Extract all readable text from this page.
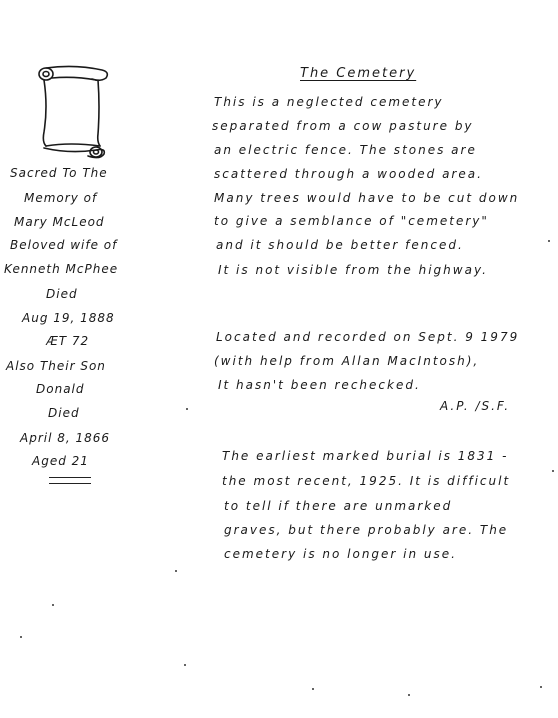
Sacred To The
Memory of
Mary McLeod
Beloved wife of
Kenneth McPhee
Died
Aug 19, 1888
ÆT 72
Also Their Son
Donald
Died
April 8, 1866
Aged 21
The Cemetery
This is a neglected cemetery
separated from a cow pasture by
an electric fence. The stones are
scattered through a wooded area.
Many trees would have to be cut down
to give a semblance of "cemetery"
and it should be better fenced.
It is not visible from the highway.
Located and recorded on Sept. 9 1979
(with help from Allan MacIntosh),
It hasn't been rechecked.
A.P. /S.F.
The earliest marked burial is 1831 -
the most recent, 1925. It is difficult
to tell if there are unmarked
graves, but there probably are. The
cemetery is no longer in use.
